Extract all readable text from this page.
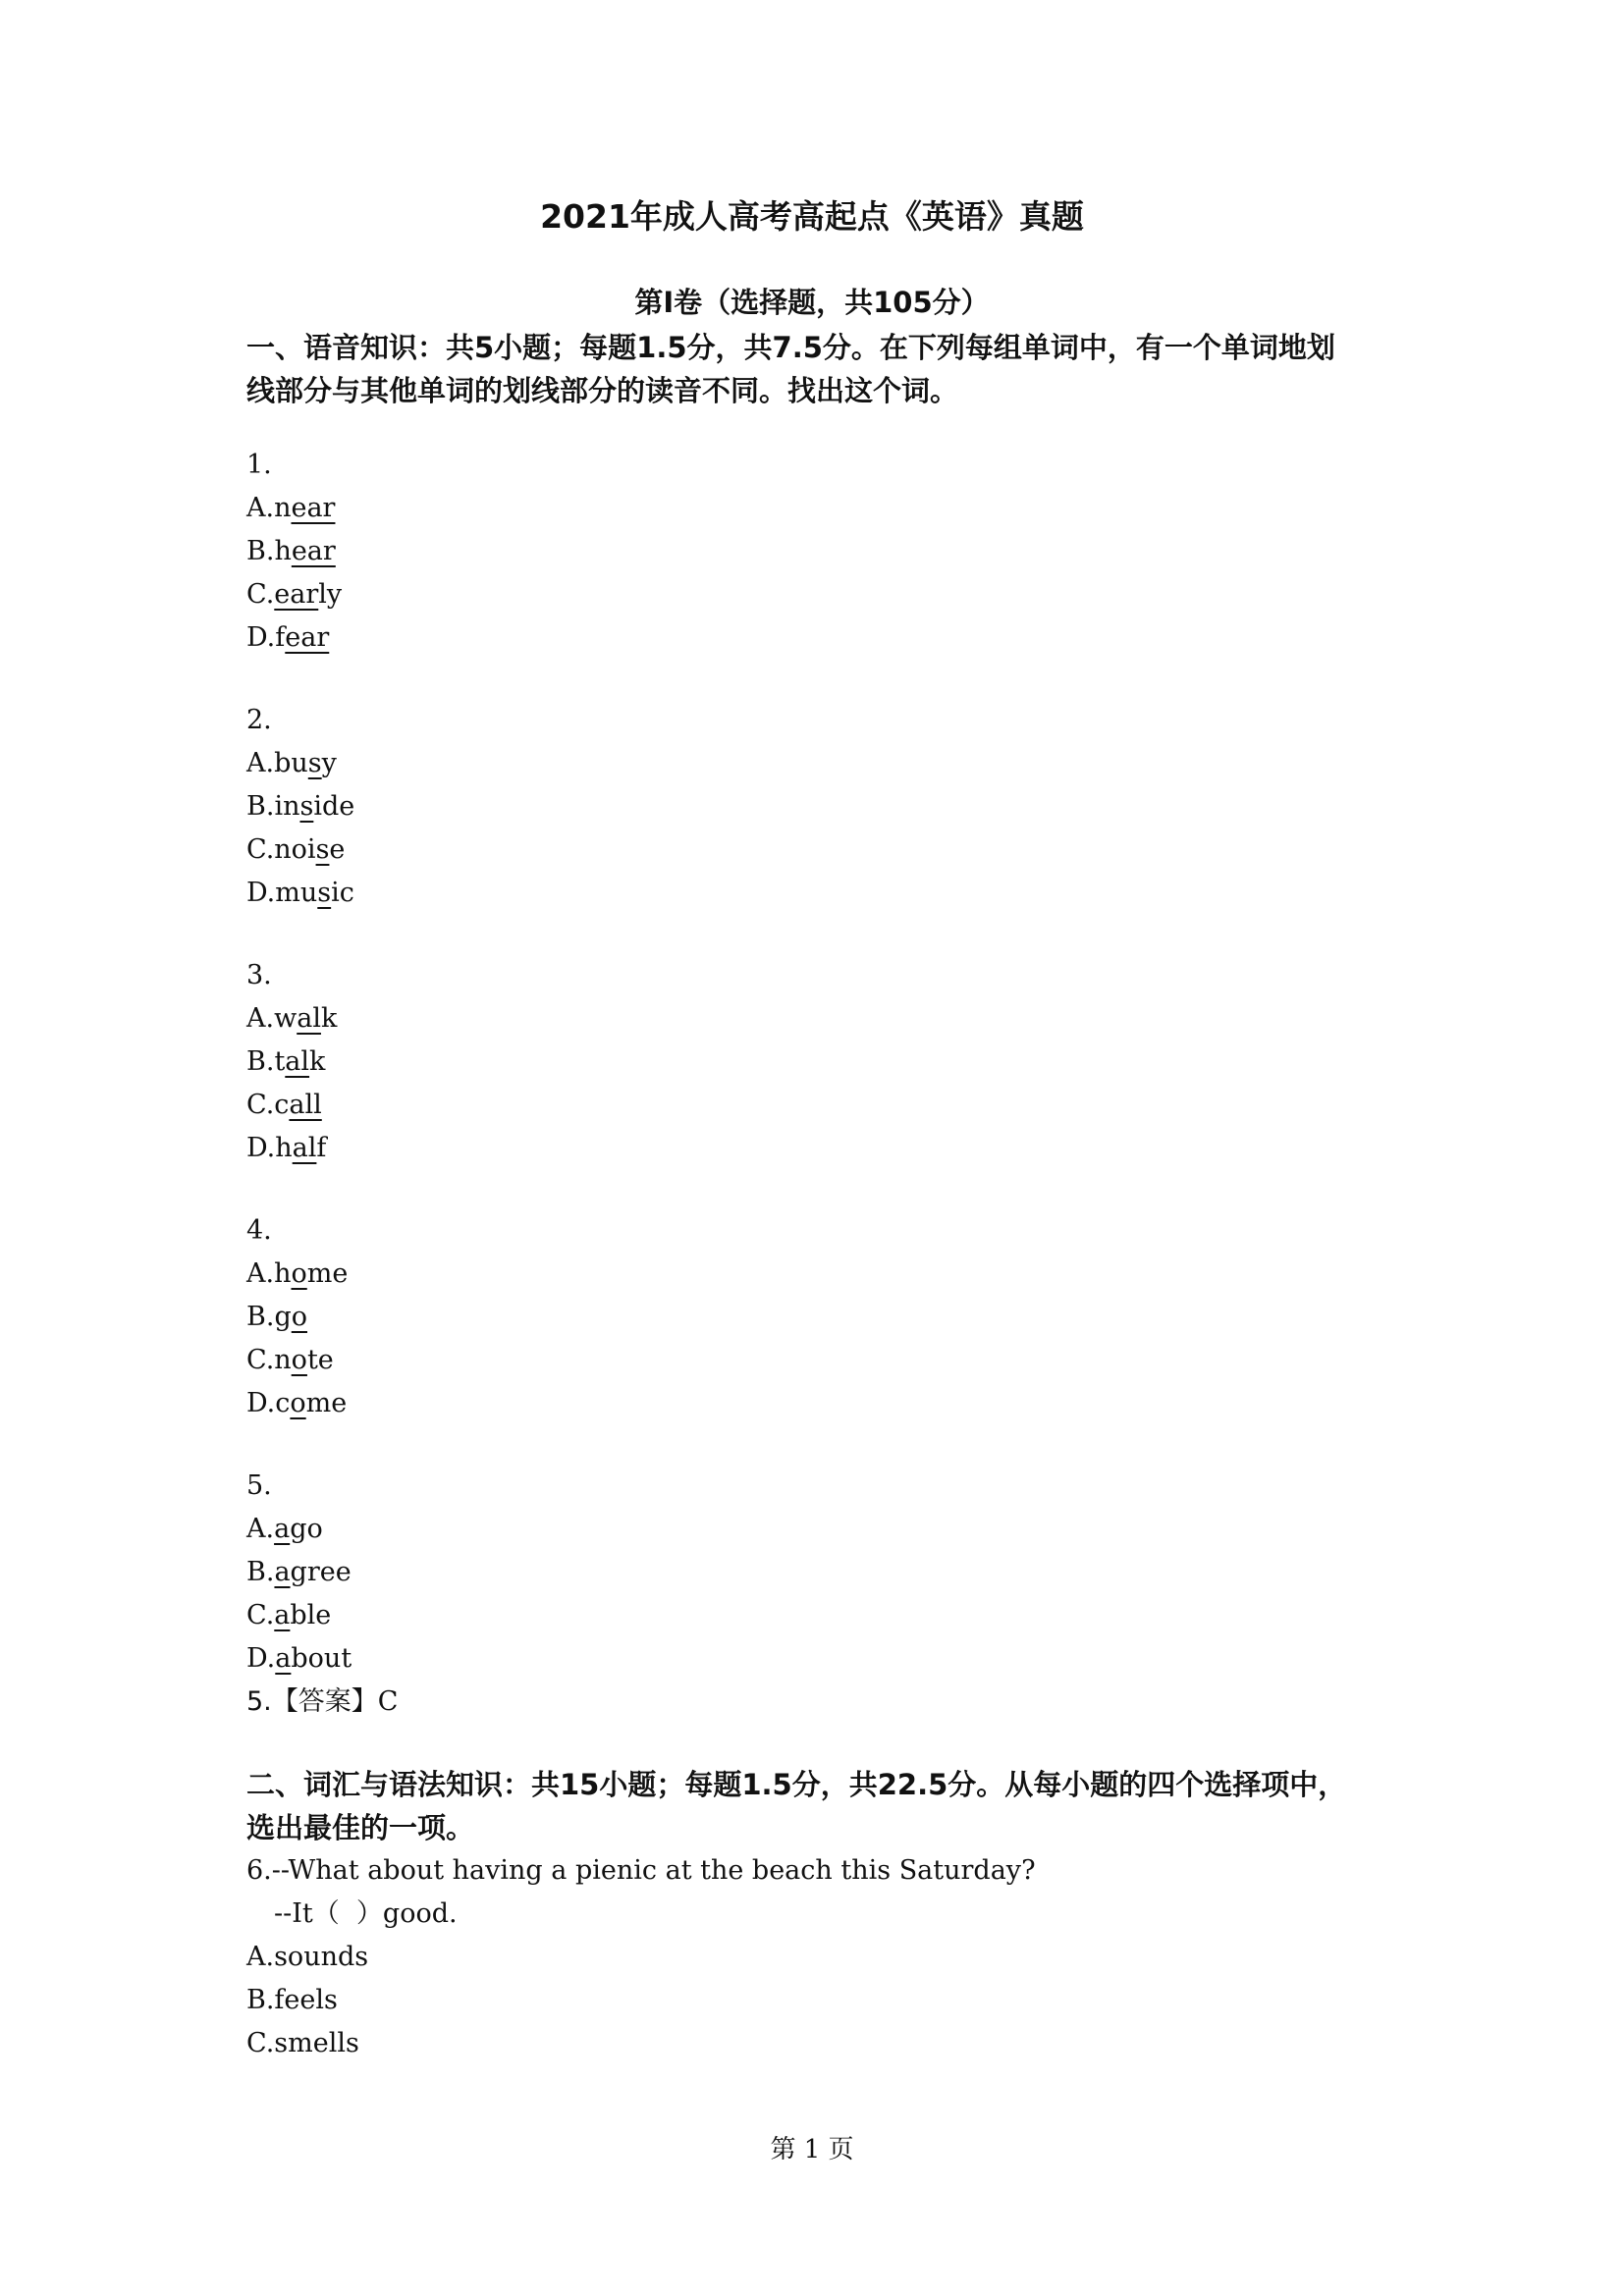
2021年成人高考高起点《英语》真题
第Ⅰ卷（选择题，共105分）

一、语音知识：共5小题；每题1.5分，共7.5分。在下列每组单词中，有一个单词地划

线部分与其他单词的划线部分的读音不同。找出这个词。

1.

A.near

B.hear

C.early

D.fear

2.

A.busy

B.inside

C.noise

D.music

3.

A.walk

B.talk

C.call

D.half

4.

A.home

B.go

C.note

D.come

5.

A.ago

B.agree

C.able

D.about

5.【答案】C

二、词汇与语法知识：共15小题；每题1.5分，共22.5分。从每小题的四个选择项中，

选出最佳的一项。

6.--What about having a pienic at the beach this Saturday?

--It（  ）good.

A.sounds

B.feels

C.smells

第 1 页
